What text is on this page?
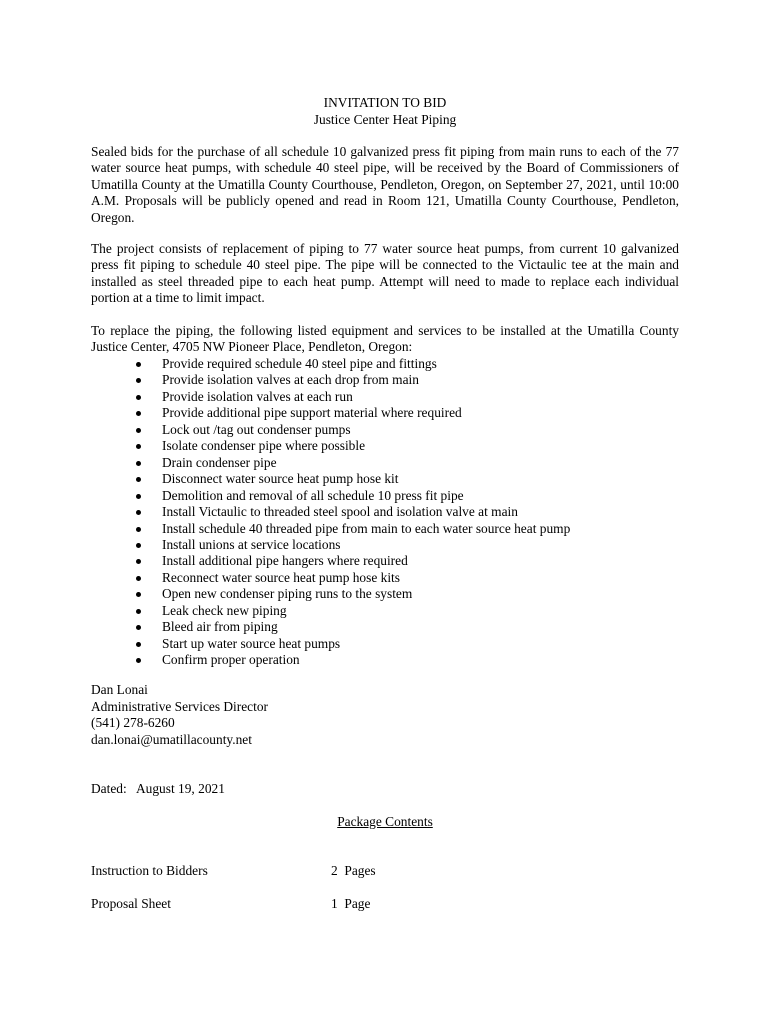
INVITATION TO BID
Justice Center Heat Piping
Sealed bids for the purchase of all schedule 10 galvanized press fit piping from main runs to each of the 77 water source heat pumps, with schedule 40 steel pipe, will be received by the Board of Commissioners of Umatilla County at the Umatilla County Courthouse, Pendleton, Oregon, on September 27, 2021, until 10:00 A.M. Proposals will be publicly opened and read in Room 121, Umatilla County Courthouse, Pendleton, Oregon.
The project consists of replacement of piping to 77 water source heat pumps, from current 10 galvanized press fit piping to schedule 40 steel pipe. The pipe will be connected to the Victaulic tee at the main and installed as steel threaded pipe to each heat pump. Attempt will need to made to replace each individual portion at a time to limit impact.
To replace the piping, the following listed equipment and services to be installed at the Umatilla County Justice Center, 4705 NW Pioneer Place, Pendleton, Oregon:
Provide required schedule 40 steel pipe and fittings
Provide isolation valves at each drop from main
Provide isolation valves at each run
Provide additional pipe support material where required
Lock out /tag out condenser pumps
Isolate condenser pipe where possible
Drain condenser pipe
Disconnect water source heat pump hose kit
Demolition and removal of all schedule 10 press fit pipe
Install Victaulic to threaded steel spool and isolation valve at main
Install schedule 40 threaded pipe from main to each water source heat pump
Install unions at service locations
Install additional pipe hangers where required
Reconnect water source heat pump hose kits
Open new condenser piping runs to the system
Leak check new piping
Bleed air from piping
Start up water source heat pumps
Confirm proper operation
Dan Lonai
Administrative Services Director
(541) 278-6260
dan.lonai@umatillacounty.net
Dated:   August 19, 2021
Package Contents
Instruction to Bidders	2  Pages
Proposal Sheet	1  Page
